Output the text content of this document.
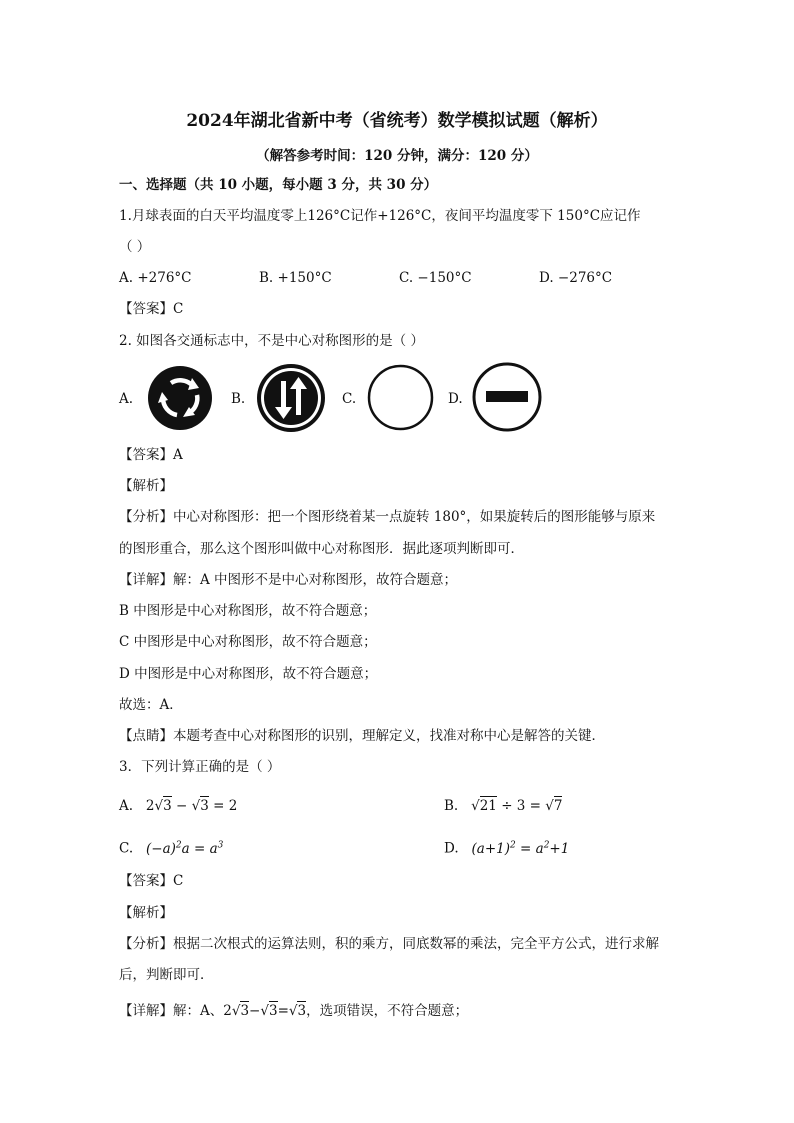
2024年湖北省新中考（省统考）数学模拟试题（解析）
（解答参考时间：120 分钟，满分：120 分）
一、选择题（共 10 小题，每小题 3 分，共 30 分）
1.月球表面的白天平均温度零上126°C记作+126°C，夜间平均温度零下 150°C应记作
（ ）
A. +276°C	B. +150°C	C. −150°C	D. −276°C
【答案】C
2. 如图各交通标志中，不是中心对称图形的是（ ）
A.	B.	C.	D.
【答案】A
【解析】
【分析】中心对称图形：把一个图形绕着某一点旋转 180°，如果旋转后的图形能够与原来
的图形重合，那么这个图形叫做中心对称图形．据此逐项判断即可．
【详解】解：A 中图形不是中心对称图形，故符合题意；
B 中图形是中心对称图形，故不符合题意；
C 中图形是中心对称图形，故不符合题意；
D 中图形是中心对称图形，故不符合题意；
故选：A．
【点睛】本题考查中心对称图形的识别，理解定义，找准对称中心是解答的关键．
3．下列计算正确的是（ ）
A. 2√3 − √3 = 2	B.   √21 ÷ 3 = √7
C. $(-a)^2a = a^3$	D. $(a+1)^2 = a^2+1$
【答案】C
【解析】
【分析】根据二次根式的运算法则，积的乘方，同底数幂的乘法，完全平方公式，进行求解
后，判断即可．
【详解】解：A、2√3−√3=√3，选项错误，不符合题意；
